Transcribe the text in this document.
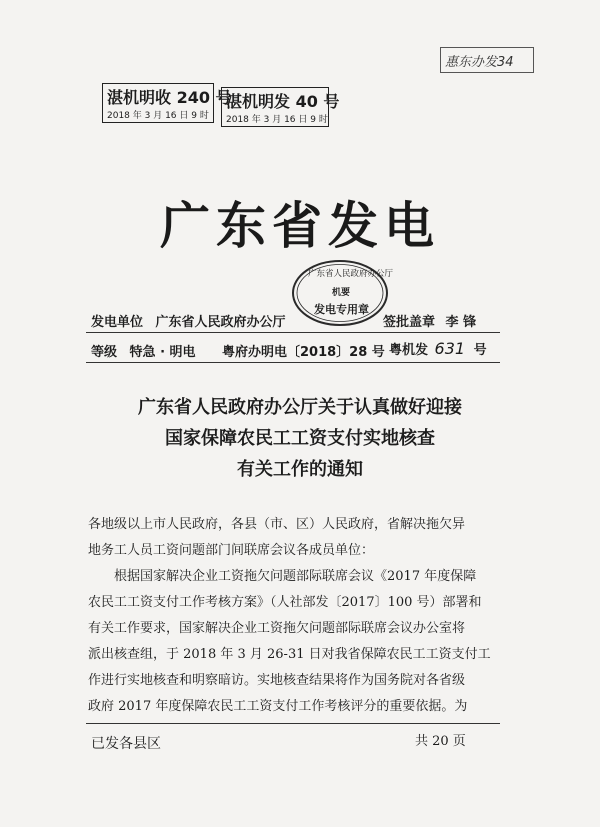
惠东办发34
湛机明收 240 号
2018 年 3 月 16 日 9 时
湛机明发 40 号
2018 年 3 月 16 日 9 时
广东省发电
广东省人民政府办公厅
机要
发电专用章
发电单位 广东省人民政府办公厅	签批盖章 李 锋
等级 特急 · 明电 粤府办明电〔2018〕28 号 粤机发 631 号
广东省人民政府办公厅关于认真做好迎接
国家保障农民工工资支付实地核查
有关工作的通知
各地级以上市人民政府，各县（市、区）人民政府，省解决拖欠异
地务工人员工资问题部门间联席会议各成员单位：
　　根据国家解决企业工资拖欠问题部际联席会议《2017 年度保障
农民工工资支付工作考核方案》（人社部发〔2017〕100 号）部署和
有关工作要求，国家解决企业工资拖欠问题部际联席会议办公室将
派出核查组，于 2018 年 3 月 26-31 日对我省保障农民工工资支付工
作进行实地核查和明察暗访。实地核查结果将作为国务院对各省级
政府 2017 年度保障农民工工资支付工作考核评分的重要依据。为
已发各县区	共 20 页
